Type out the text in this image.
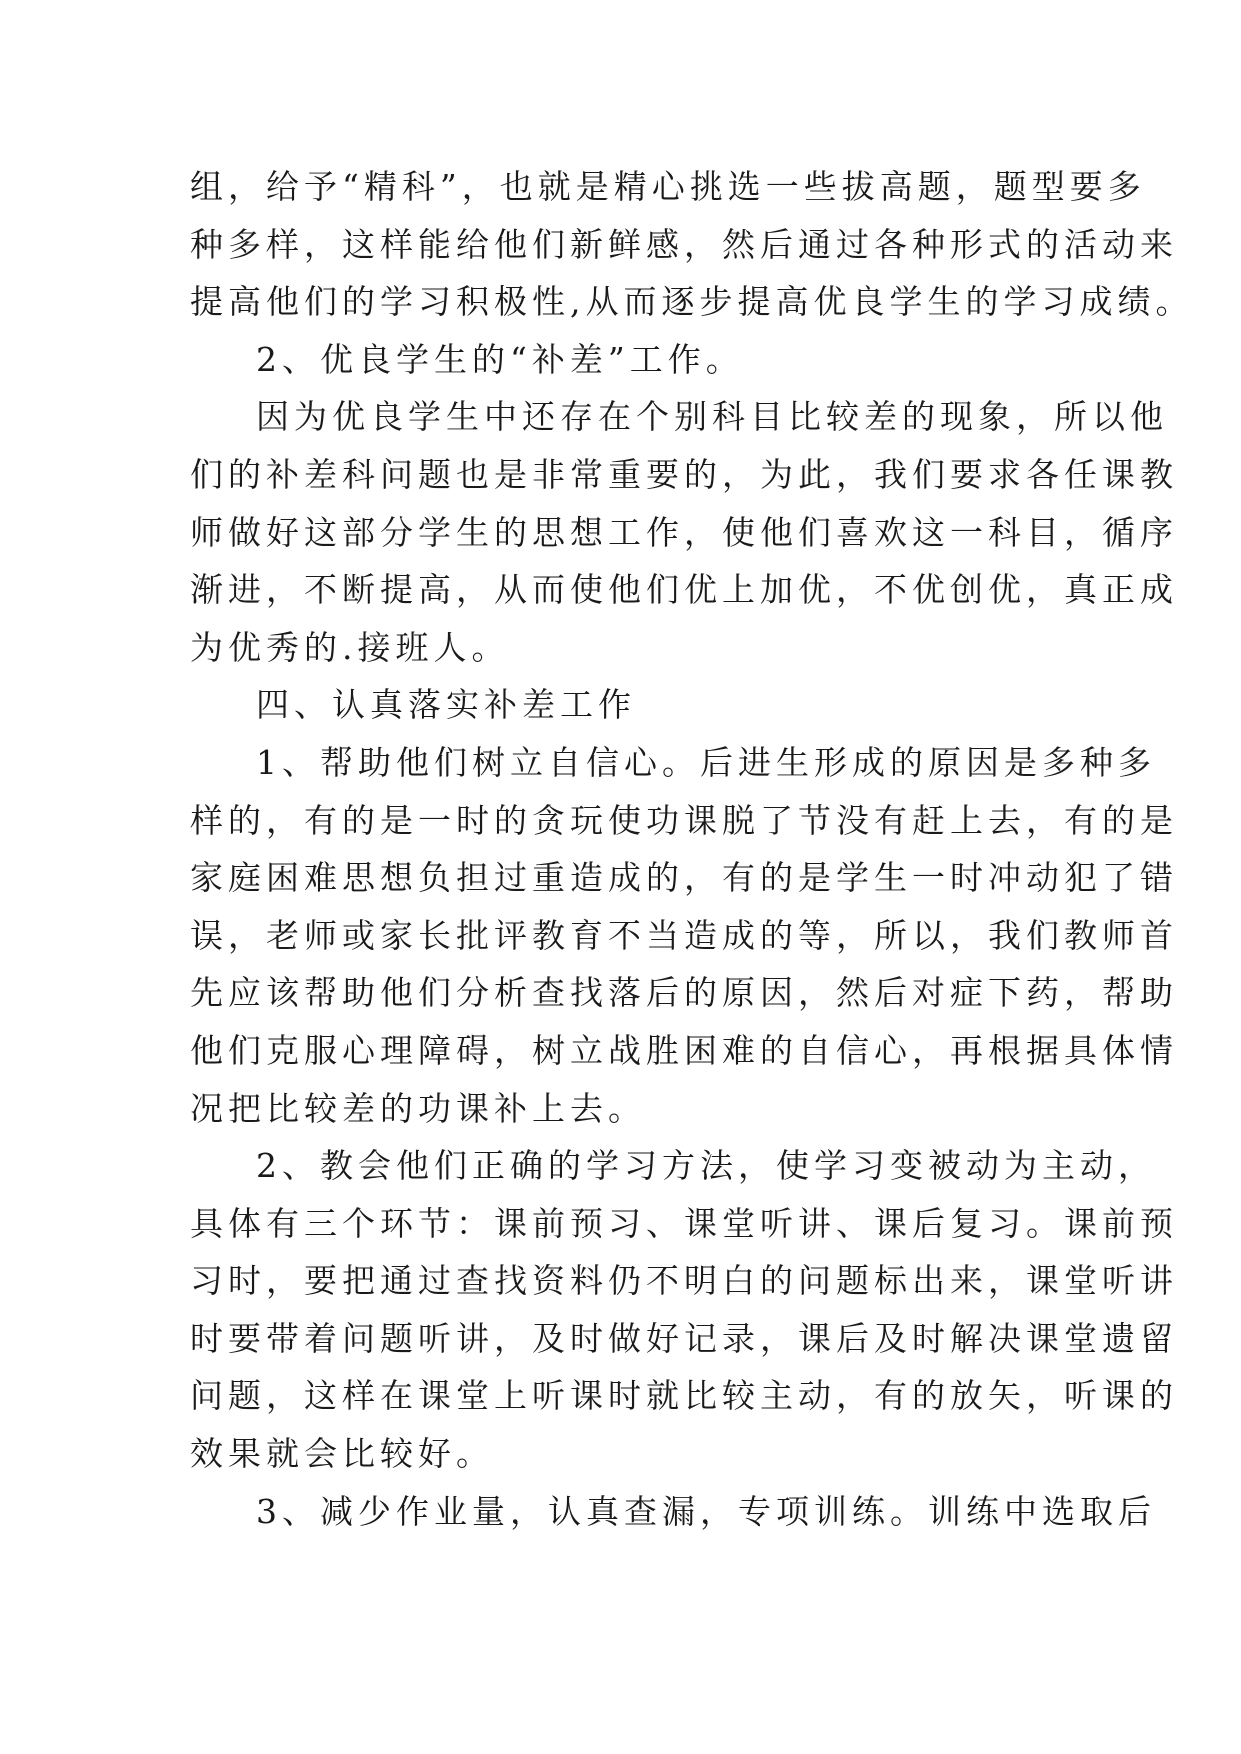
组，给予“精科”，也就是精心挑选一些拔高题，题型要多
种多样，这样能给他们新鲜感，然后通过各种形式的活动来
提高他们的学习积极性,从而逐步提高优良学生的学习成绩。
2、优良学生的“补差”工作。
因为优良学生中还存在个别科目比较差的现象，所以他
们的补差科问题也是非常重要的，为此，我们要求各任课教
师做好这部分学生的思想工作，使他们喜欢这一科目，循序
渐进，不断提高，从而使他们优上加优，不优创优，真正成
为优秀的.接班人。
四、认真落实补差工作
1、帮助他们树立自信心。后进生形成的原因是多种多
样的，有的是一时的贪玩使功课脱了节没有赶上去，有的是
家庭困难思想负担过重造成的，有的是学生一时冲动犯了错
误，老师或家长批评教育不当造成的等，所以，我们教师首
先应该帮助他们分析查找落后的原因，然后对症下药，帮助
他们克服心理障碍，树立战胜困难的自信心，再根据具体情
况把比较差的功课补上去。
2、教会他们正确的学习方法，使学习变被动为主动，
具体有三个环节：课前预习、课堂听讲、课后复习。课前预
习时，要把通过查找资料仍不明白的问题标出来，课堂听讲
时要带着问题听讲，及时做好记录，课后及时解决课堂遗留
问题，这样在课堂上听课时就比较主动，有的放矢，听课的
效果就会比较好。
3、减少作业量，认真查漏，专项训练。训练中选取后
